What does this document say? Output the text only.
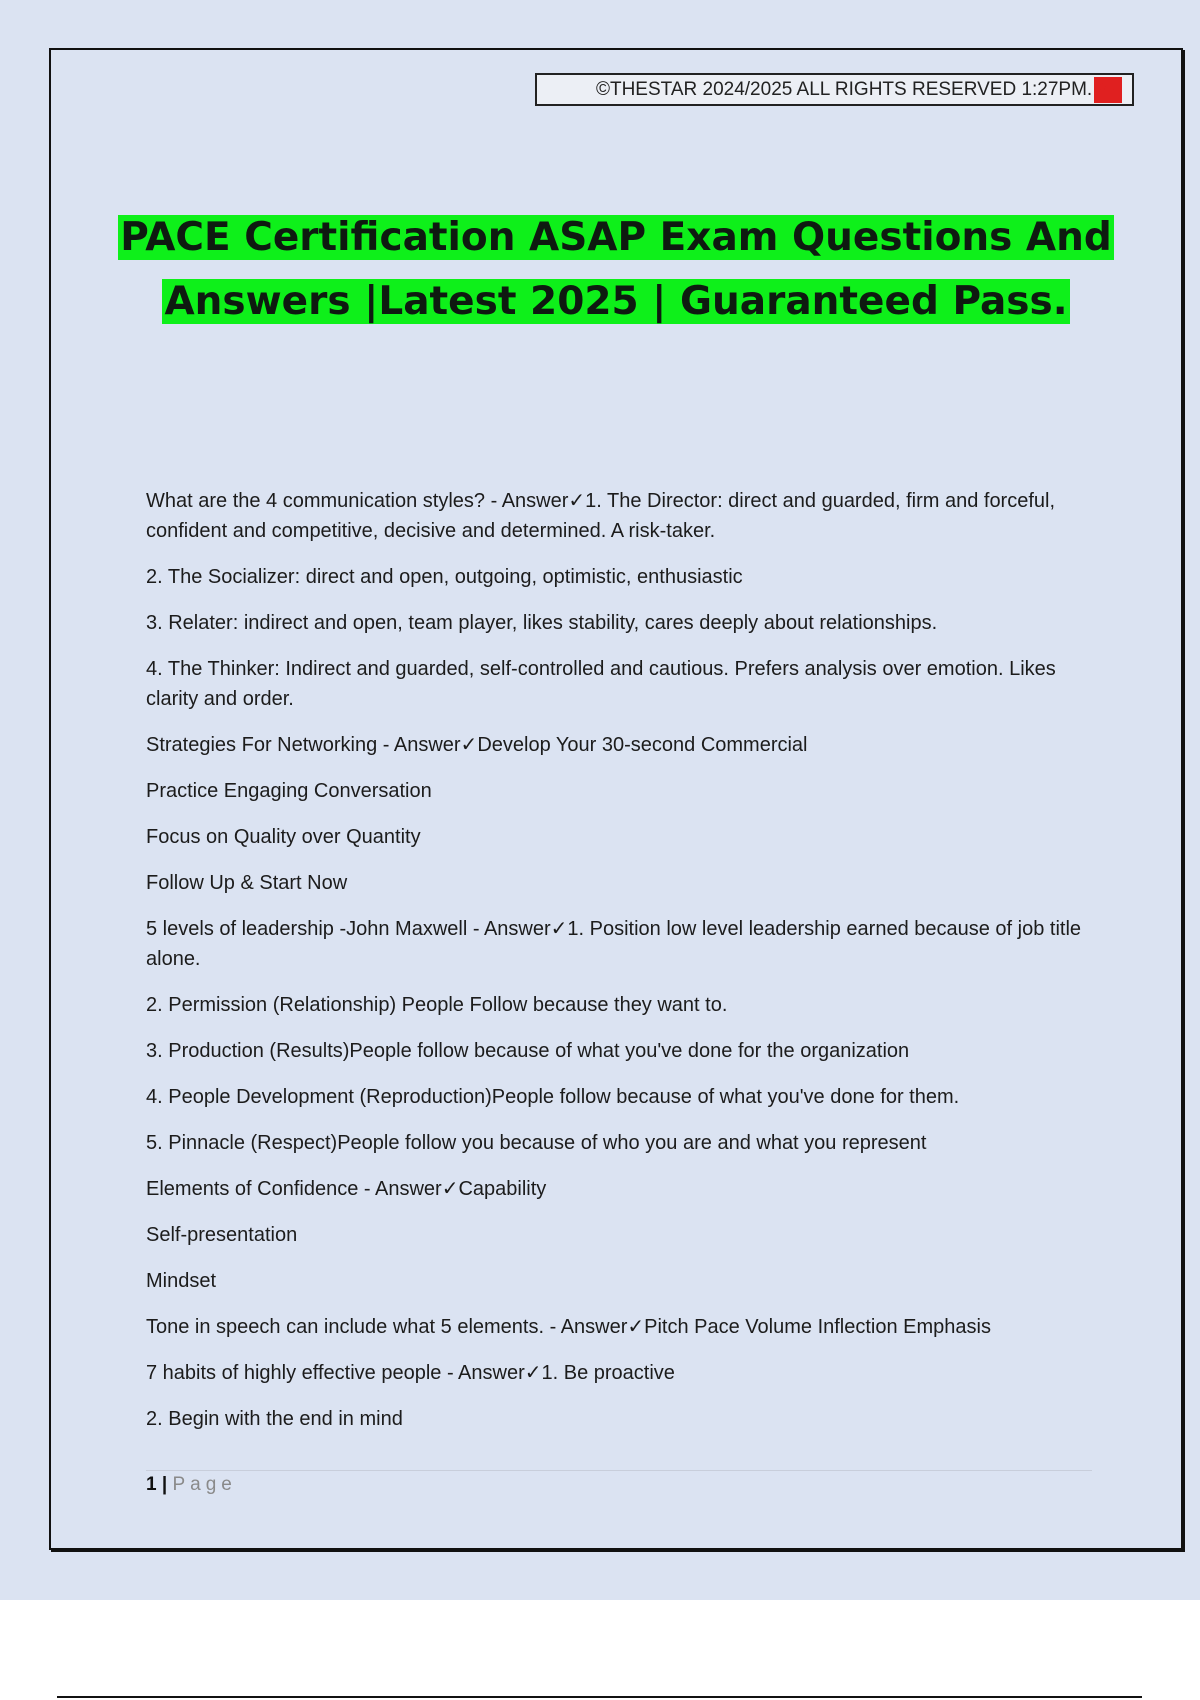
©THESTAR 2024/2025 ALL RIGHTS RESERVED 1:27PM. A+
PACE Certification ASAP Exam Questions And
Answers |Latest 2025 | Guaranteed Pass.

What are the 4 communication styles? - Answer✓1. The Director: direct and guarded, firm and forceful, confident and competitive, decisive and determined. A risk-taker.

2. The Socializer: direct and open, outgoing, optimistic, enthusiastic

3. Relater: indirect and open, team player, likes stability, cares deeply about relationships.

4. The Thinker: Indirect and guarded, self-controlled and cautious. Prefers analysis over emotion. Likes clarity and order.

Strategies For Networking - Answer✓Develop Your 30-second Commercial

Practice Engaging Conversation

Focus on Quality over Quantity

Follow Up & Start Now

5 levels of leadership -John Maxwell - Answer✓1. Position low level leadership earned because of job title alone.

2. Permission (Relationship) People Follow because they want to.

3. Production (Results)People follow because of what you've done for the organization

4. People Development (Reproduction)People follow because of what you've done for them.

5. Pinnacle (Respect)People follow you because of who you are and what you represent

Elements of Confidence - Answer✓Capability

Self-presentation

Mindset

Tone in speech can include what 5 elements. - Answer✓Pitch Pace Volume Inflection Emphasis

7 habits of highly effective people - Answer✓1. Be proactive

2. Begin with the end in mind

1 | Page
